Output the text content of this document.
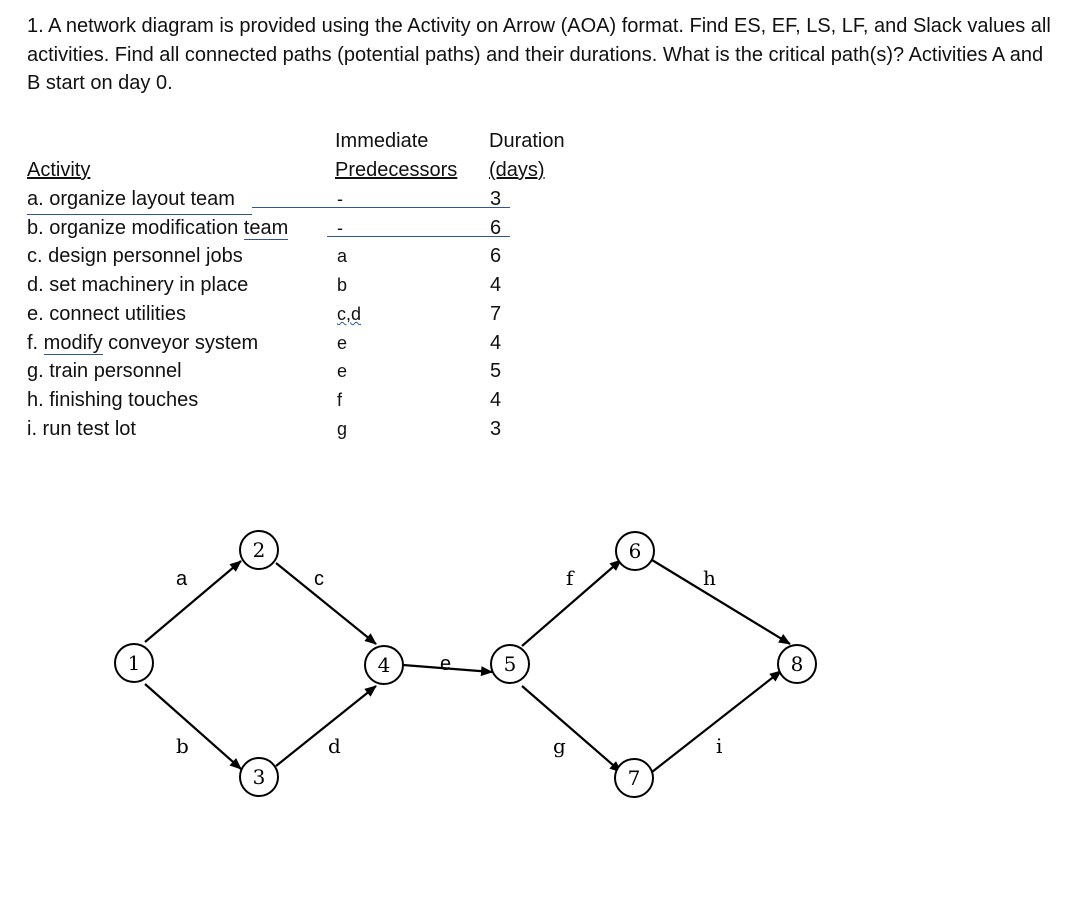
1. A network diagram is provided using the Activity on Arrow (AOA) format. Find ES, EF, LS, LF, and Slack values all activities. Find all connected paths (potential paths) and their durations. What is the critical path(s)? Activities A and B start on day 0.

Immediate	Duration
Activity	Predecessors (days)
a. organize layout team	-	3
b. organize modification team	-	6
c. design personnel jobs	a	6
d. set machinery in place	b	4
e. connect utilities	c,d	7
f. modify conveyor system	e	4
g. train personnel	e	5
h. finishing touches	f	4
i. run test lot	g	3
1
2
3
4	5
6
7
8
a
b
c
d
e
f
g
h
i
